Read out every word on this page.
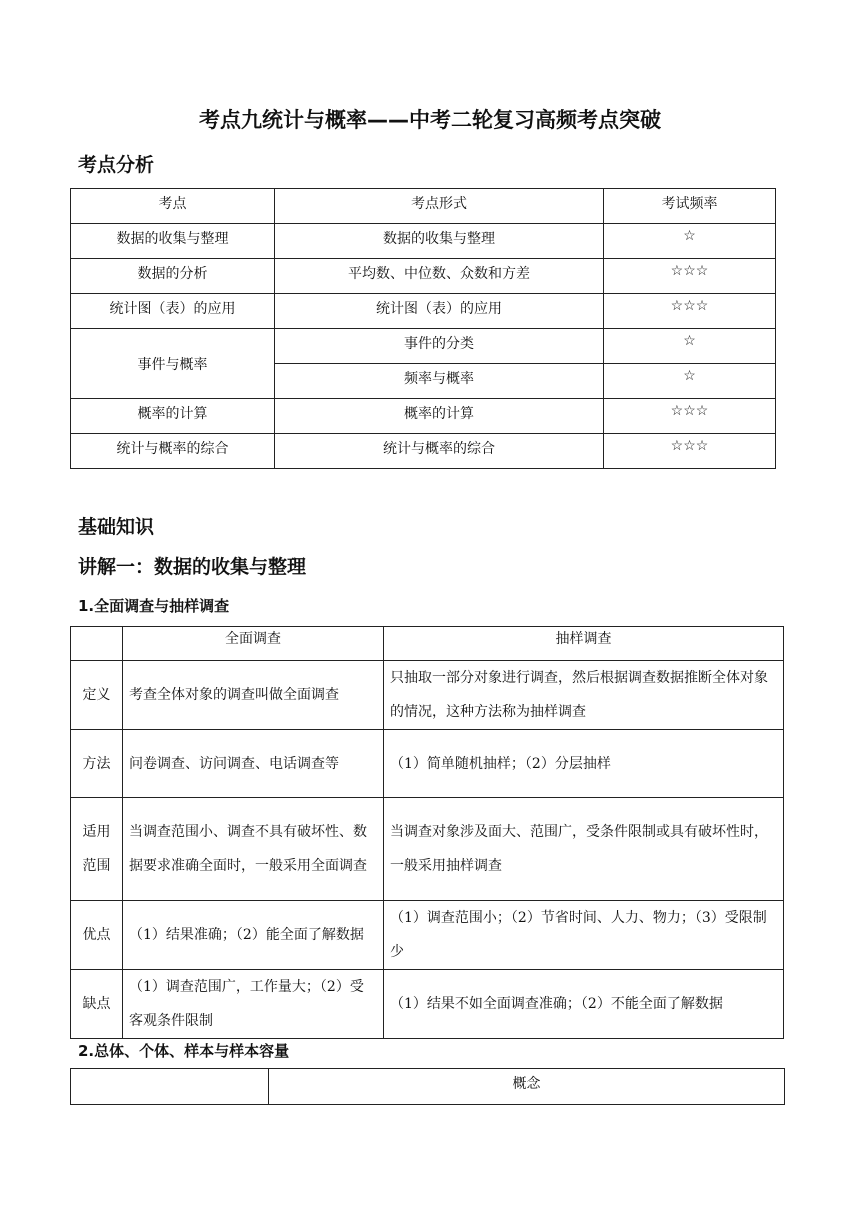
考点九统计与概率——中考二轮复习高频考点突破
考点分析
考点	考点形式	考试频率
数据的收集与整理	数据的收集与整理	☆
数据的分析	平均数、中位数、众数和方差	☆☆☆
统计图（表）的应用	统计图（表）的应用	☆☆☆
事件与概率	事件的分类	☆
	频率与概率	☆
概率的计算	概率的计算	☆☆☆
统计与概率的综合	统计与概率的综合	☆☆☆
基础知识
讲解一：数据的收集与整理
1.全面调查与抽样调查
	全面调查	抽样调查
定义	考查全体对象的调查叫做全面调查	只抽取一部分对象进行调查，然后根据调查数据推断全体对象的情况，这种方法称为抽样调查
方法	问卷调查、访问调查、电话调查等	（1）简单随机抽样；（2）分层抽样
适用范围	当调查范围小、调查不具有破坏性、数据要求准确全面时，一般采用全面调查	当调查对象涉及面大、范围广，受条件限制或具有破坏性时，一般采用抽样调查
优点	（1）结果准确；（2）能全面了解数据	（1）调查范围小；（2）节省时间、人力、物力；（3）受限制少
缺点	（1）调查范围广，工作量大；（2）受客观条件限制	（1）结果不如全面调查准确；（2）不能全面了解数据
2.总体、个体、样本与样本容量
	概念
